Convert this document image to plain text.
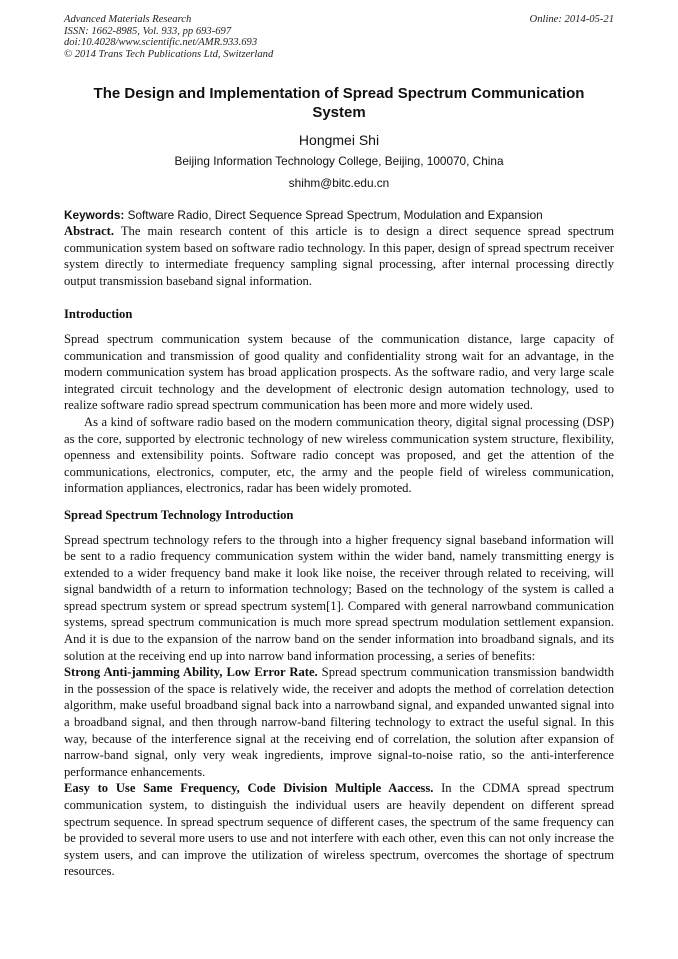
Advanced Materials Research
ISSN: 1662-8985, Vol. 933, pp 693-697
doi:10.4028/www.scientific.net/AMR.933.693
© 2014 Trans Tech Publications Ltd, Switzerland
Online: 2014-05-21
The Design and Implementation of Spread Spectrum Communication System
Hongmei Shi
Beijing Information Technology College, Beijing, 100070, China
shihm@bitc.edu.cn
Keywords: Software Radio, Direct Sequence Spread Spectrum, Modulation and Expansion

Abstract. The main research content of this article is to design a direct sequence spread spectrum communication system based on software radio technology. In this paper, design of spread spectrum receiver system directly to intermediate frequency sampling signal processing, after internal processing directly output transmission baseband signal information.

Introduction

Spread spectrum communication system because of the communication distance, large capacity of communication and transmission of good quality and confidentiality strong wait for an advantage, in the modern communication system has broad application prospects. As the software radio, and very large scale integrated circuit technology and the development of electronic design automation technology, used to realize software radio spread spectrum communication has been more and more widely used.

As a kind of software radio based on the modern communication theory, digital signal processing (DSP) as the core, supported by electronic technology of new wireless communication system structure, flexibility, openness and extensibility points. Software radio concept was proposed, and get the attention of the communications, electronics, computer, etc, the army and the people field of wireless communication, information appliances, electronics, radar has been widely promoted.

Spread Spectrum Technology Introduction

Spread spectrum technology refers to the through into a higher frequency signal baseband information will be sent to a radio frequency communication system within the wider band, namely transmitting energy is extended to a wider frequency band make it look like noise, the receiver through related to receiving, will signal bandwidth of a return to information technology; Based on the technology of the system is called a spread spectrum system or spread spectrum system[1]. Compared with general narrowband communication systems, spread spectrum communication is much more spread spectrum modulation settlement expansion. And it is due to the expansion of the narrow band on the sender information into broadband signals, and its solution at the receiving end up into narrow band information processing, a series of benefits:

Strong Anti-jamming Ability, Low Error Rate. Spread spectrum communication transmission bandwidth in the possession of the space is relatively wide, the receiver and adopts the method of correlation detection algorithm, make useful broadband signal back into a narrowband signal, and expanded unwanted signal into a broadband signal, and then through narrow-band filtering technology to extract the useful signal. In this way, because of the interference signal at the receiving end of correlation, the solution after expansion of narrow-band signal, only very weak ingredients, improve signal-to-noise ratio, so the anti-interference performance enhancements.

Easy to Use Same Frequency, Code Division Multiple Aaccess. In the CDMA spread spectrum communication system, to distinguish the individual users are heavily dependent on different spread spectrum sequence. In spread spectrum sequence of different cases, the spectrum of the same frequency can be provided to several more users to use and not interfere with each other, even this can not only increase the system users, and can improve the utilization of wireless spectrum, overcomes the shortage of spectrum resources.
